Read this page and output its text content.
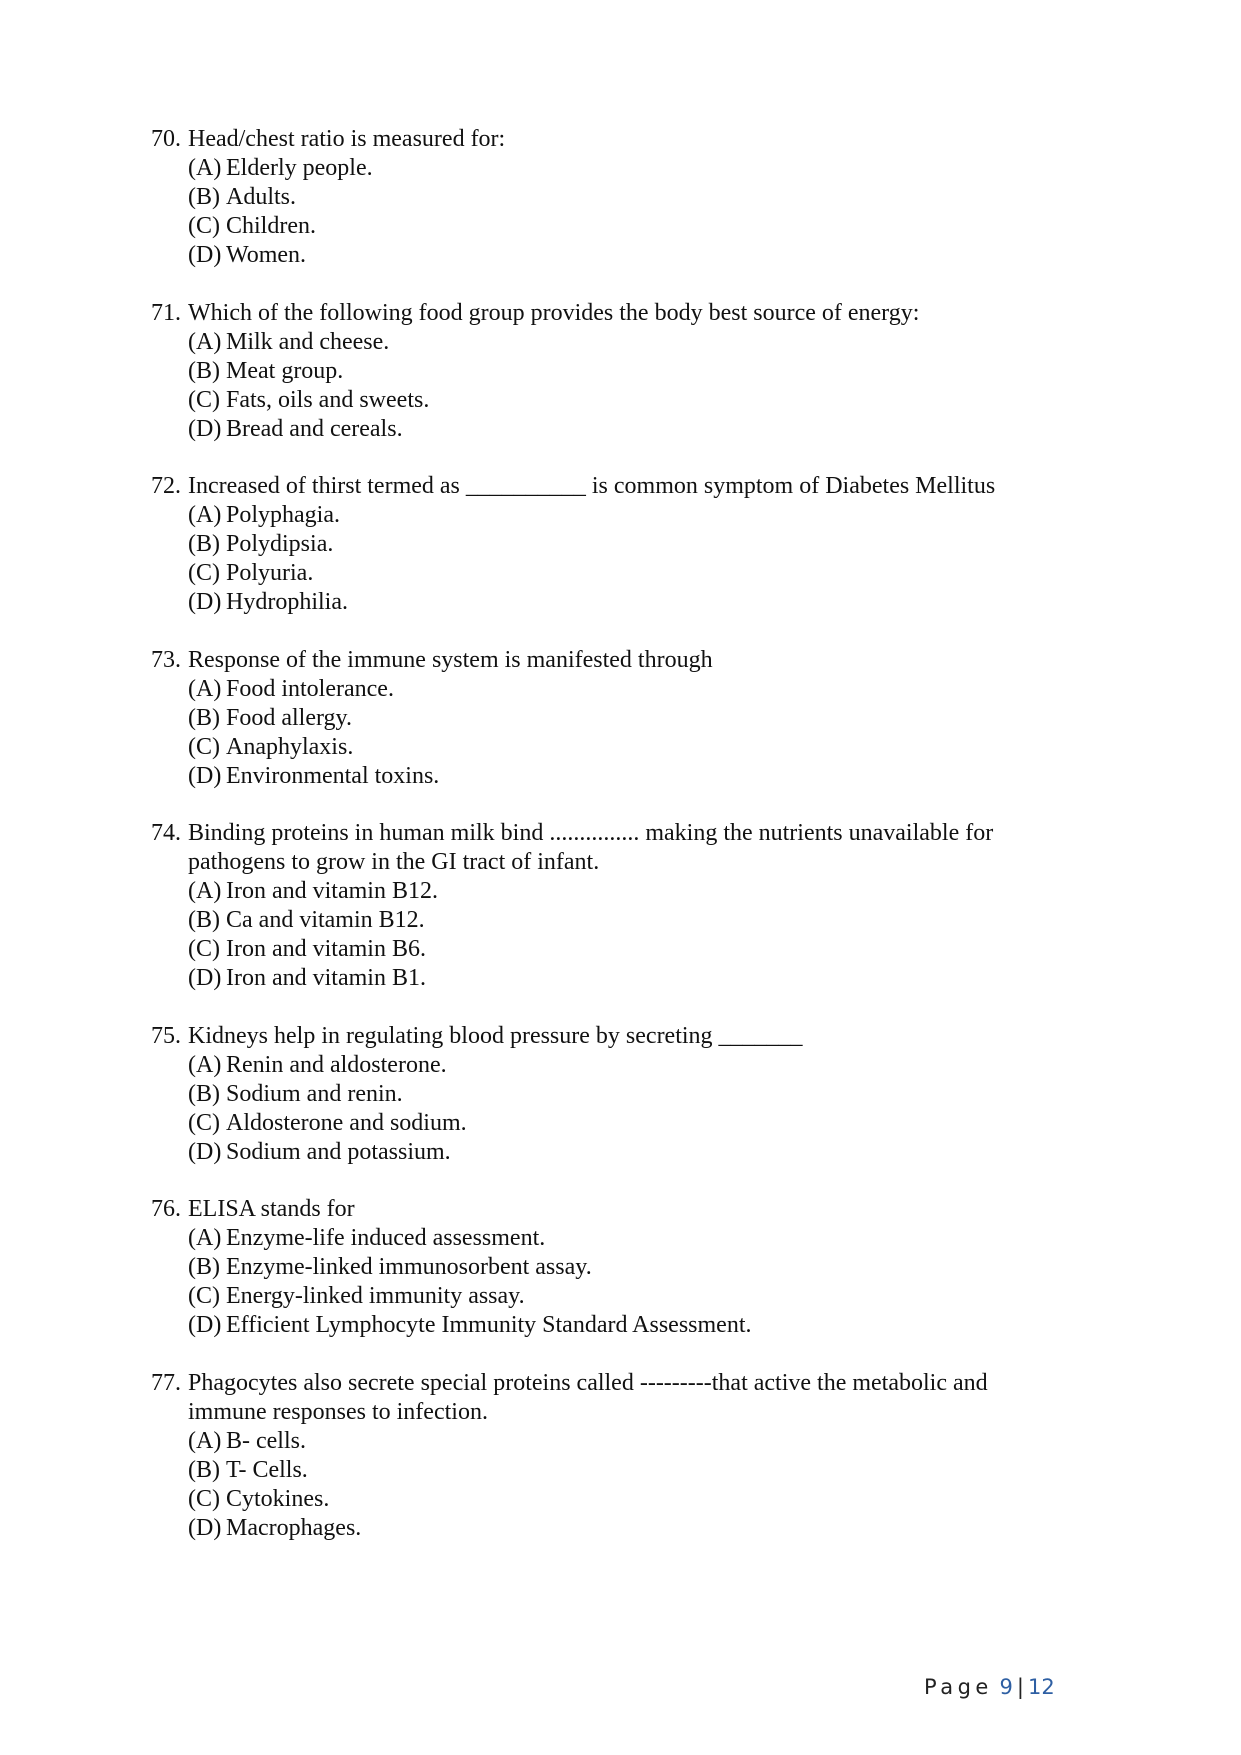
70. Head/chest ratio is measured for:
(A) Elderly people.
(B) Adults.
(C) Children.
(D) Women.
71. Which of the following food group provides the body best source of energy:
(A) Milk and cheese.
(B) Meat group.
(C) Fats, oils and sweets.
(D) Bread and cereals.
72. Increased of thirst termed as __________ is common symptom of Diabetes Mellitus
(A) Polyphagia.
(B) Polydipsia.
(C) Polyuria.
(D) Hydrophilia.
73. Response of the immune system is manifested through
(A) Food intolerance.
(B) Food allergy.
(C) Anaphylaxis.
(D) Environmental toxins.
74. Binding proteins in human milk bind ............... making the nutrients unavailable for
pathogens to grow in the GI tract of infant.
(A) Iron and vitamin B12.
(B) Ca and vitamin B12.
(C) Iron and vitamin B6.
(D) Iron and vitamin B1.
75. Kidneys help in regulating blood pressure by secreting _______
(A) Renin and aldosterone.
(B) Sodium and renin.
(C) Aldosterone and sodium.
(D) Sodium and potassium.
76. ELISA stands for
(A) Enzyme-life induced assessment.
(B) Enzyme-linked immunosorbent assay.
(C) Energy-linked immunity assay.
(D) Efficient Lymphocyte Immunity Standard Assessment.
77. Phagocytes also secrete special proteins called ---------that active the metabolic and
immune responses to infection.
(A) B- cells.
(B) T- Cells.
(C) Cytokines.
(D) Macrophages.
Page 9 | 12
